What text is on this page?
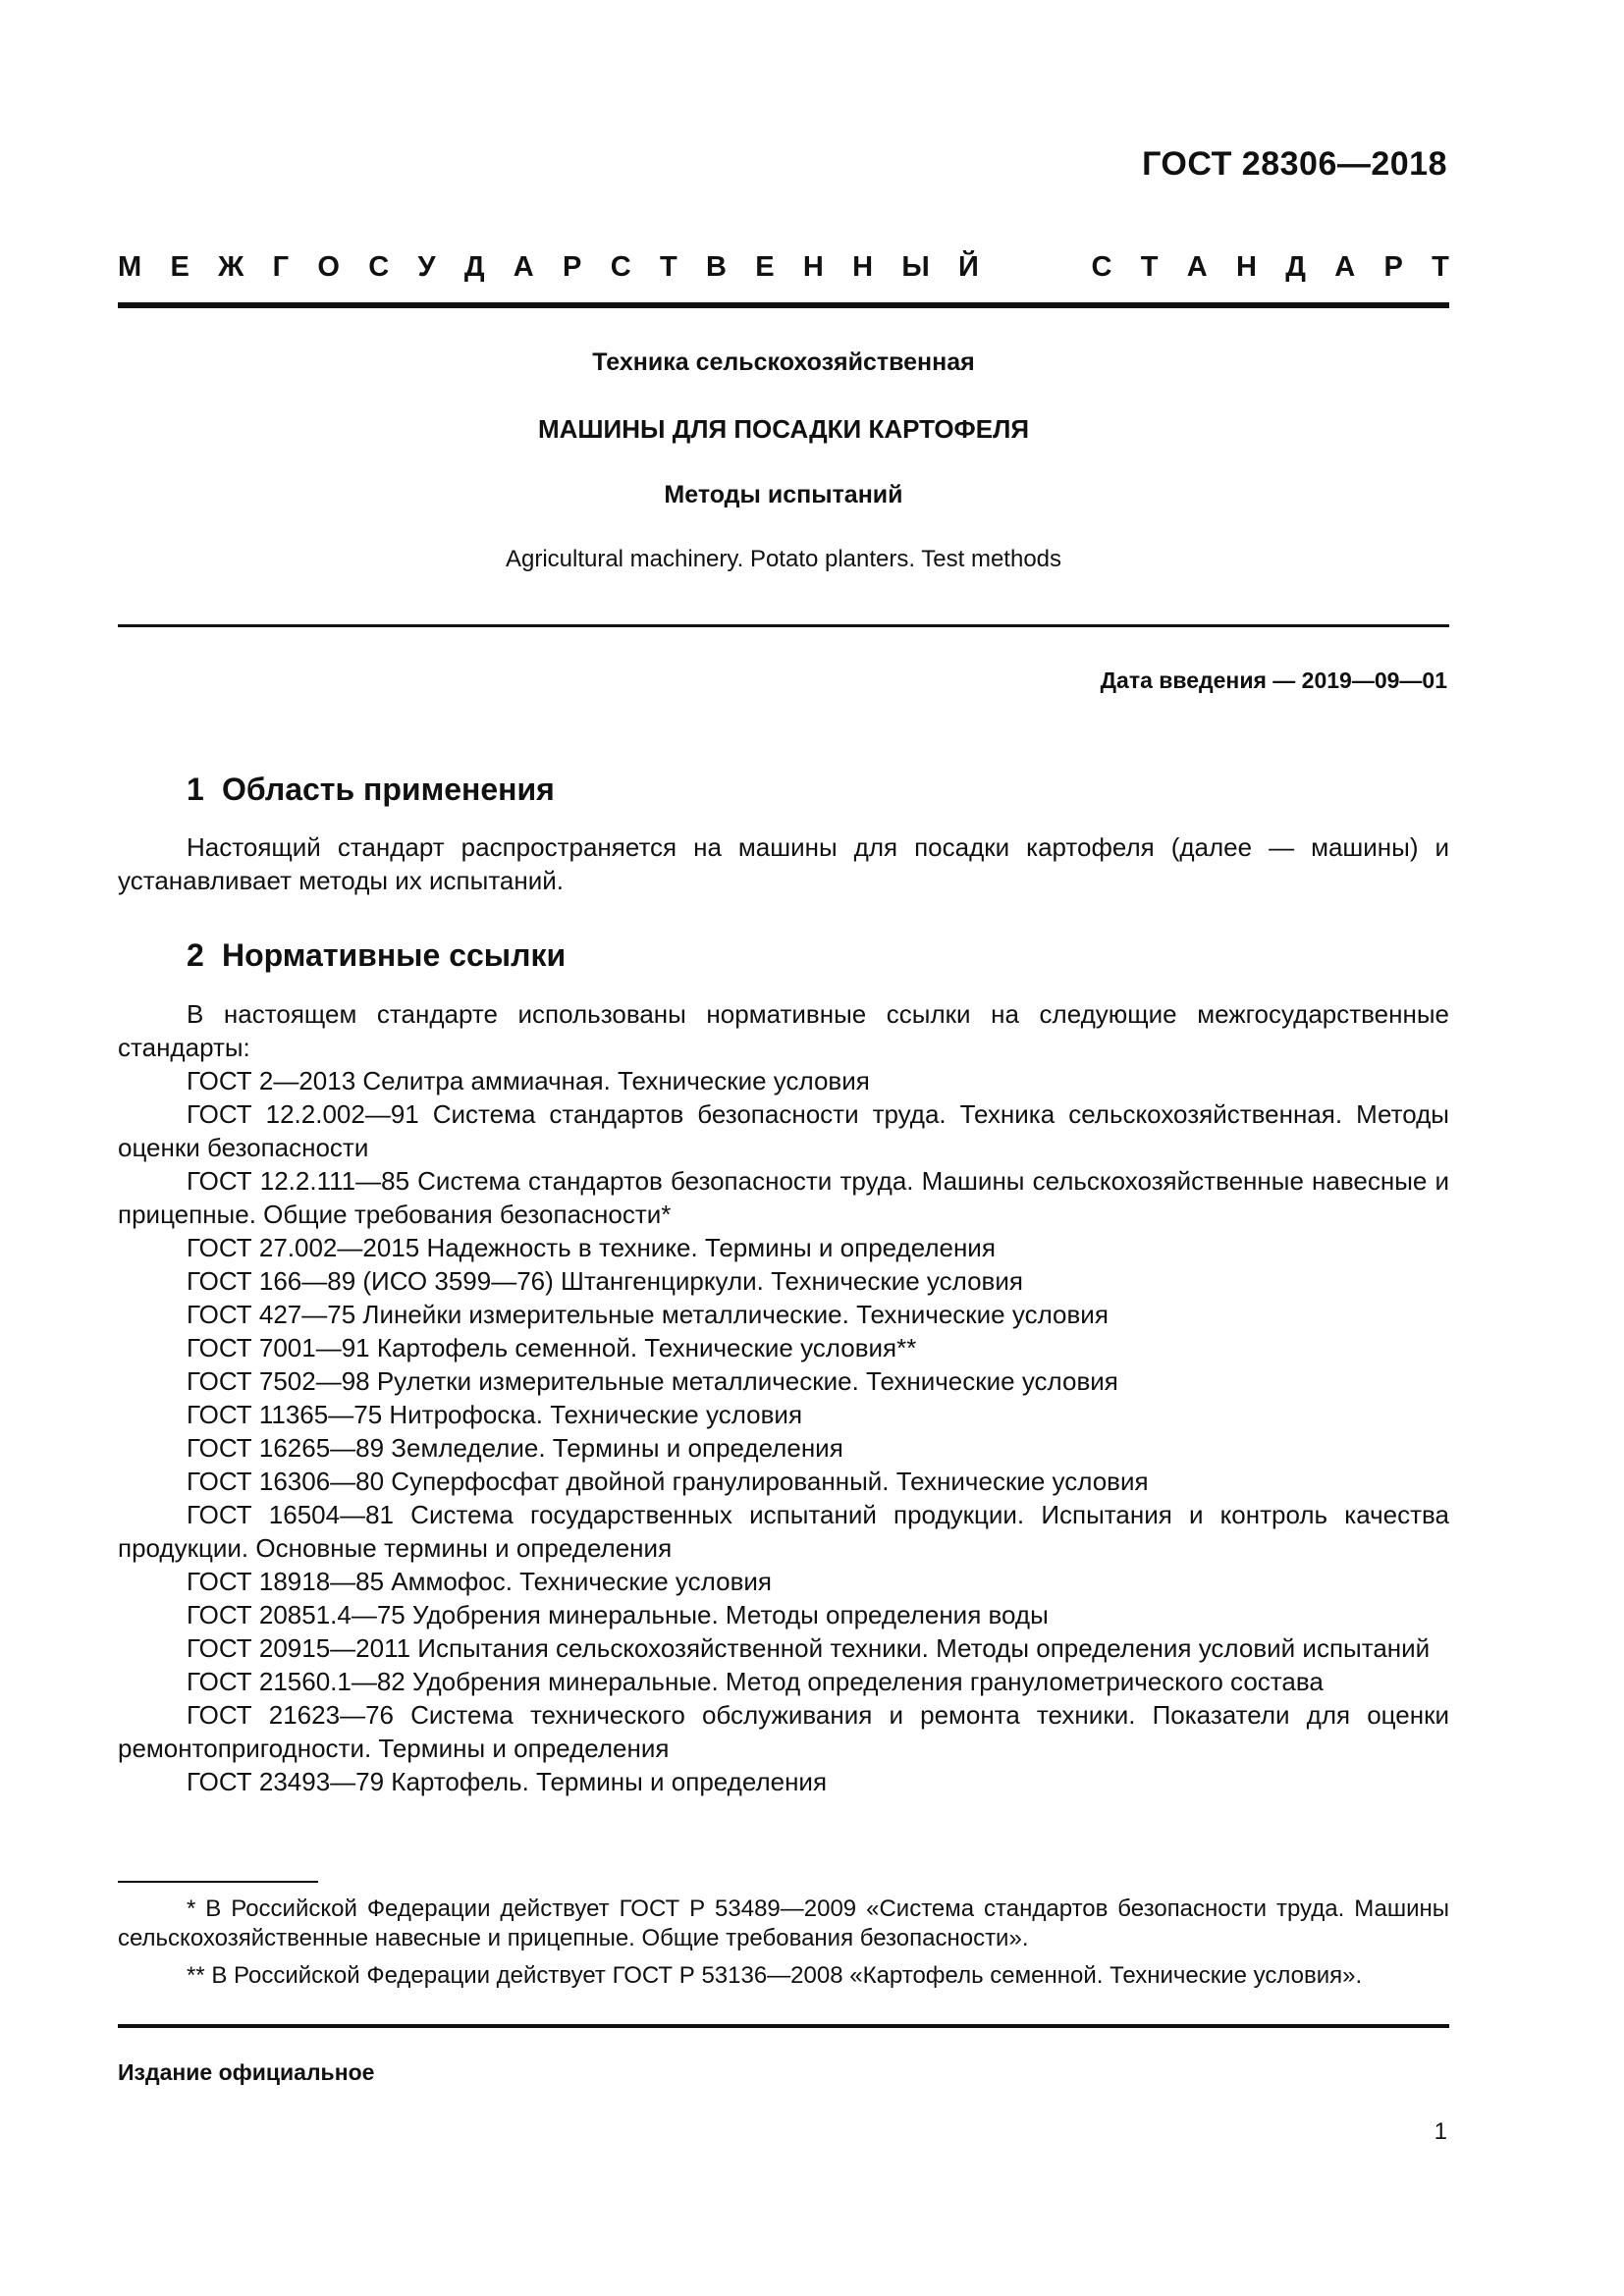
ГОСТ 28306—2018
М Е Ж Г О С У Д А Р С Т В Е Н Н Ы Й	С Т А Н Д А Р Т
Техника сельскохозяйственная
МАШИНЫ ДЛЯ ПОСАДКИ КАРТОФЕЛЯ
Методы испытаний
Agricultural machinery. Potato planters. Test methods
Дата введения — 2019—09—01
1 Область применения

Настоящий стандарт распространяется на машины для посадки картофеля (далее — машины) и устанавливает методы их испытаний.

2 Нормативные ссылки

В настоящем стандарте использованы нормативные ссылки на следующие межгосударственные стандарты:

ГОСТ 2—2013 Селитра аммиачная. Технические условия

ГОСТ 12.2.002—91 Система стандартов безопасности труда. Техника сельскохозяйственная. Методы оценки безопасности

ГОСТ 12.2.111—85 Система стандартов безопасности труда. Машины сельскохозяйственные навесные и прицепные. Общие требования безопасности*

ГОСТ 27.002—2015 Надежность в технике. Термины и определения

ГОСТ 166—89 (ИСО 3599—76) Штангенциркули. Технические условия

ГОСТ 427—75 Линейки измерительные металлические. Технические условия

ГОСТ 7001—91 Картофель семенной. Технические условия**

ГОСТ 7502—98 Рулетки измерительные металлические. Технические условия

ГОСТ 11365—75 Нитрофоска. Технические условия

ГОСТ 16265—89 Земледелие. Термины и определения

ГОСТ 16306—80 Суперфосфат двойной гранулированный. Технические условия

ГОСТ 16504—81 Система государственных испытаний продукции. Испытания и контроль качества продукции. Основные термины и определения

ГОСТ 18918—85 Аммофос. Технические условия

ГОСТ 20851.4—75 Удобрения минеральные. Методы определения воды

ГОСТ 20915—2011 Испытания сельскохозяйственной техники. Методы определения условий испытаний

ГОСТ 21560.1—82 Удобрения минеральные. Метод определения гранулометрического состава

ГОСТ 21623—76 Система технического обслуживания и ремонта техники. Показатели для оценки ремонтопригодности. Термины и определения

ГОСТ 23493—79 Картофель. Термины и определения

* В Российской Федерации действует ГОСТ Р 53489—2009 «Система стандартов безопасности труда. Машины сельскохозяйственные навесные и прицепные. Общие требования безопасности».

** В Российской Федерации действует ГОСТ Р 53136—2008 «Картофель семенной. Технические условия».

Издание официальное
1
